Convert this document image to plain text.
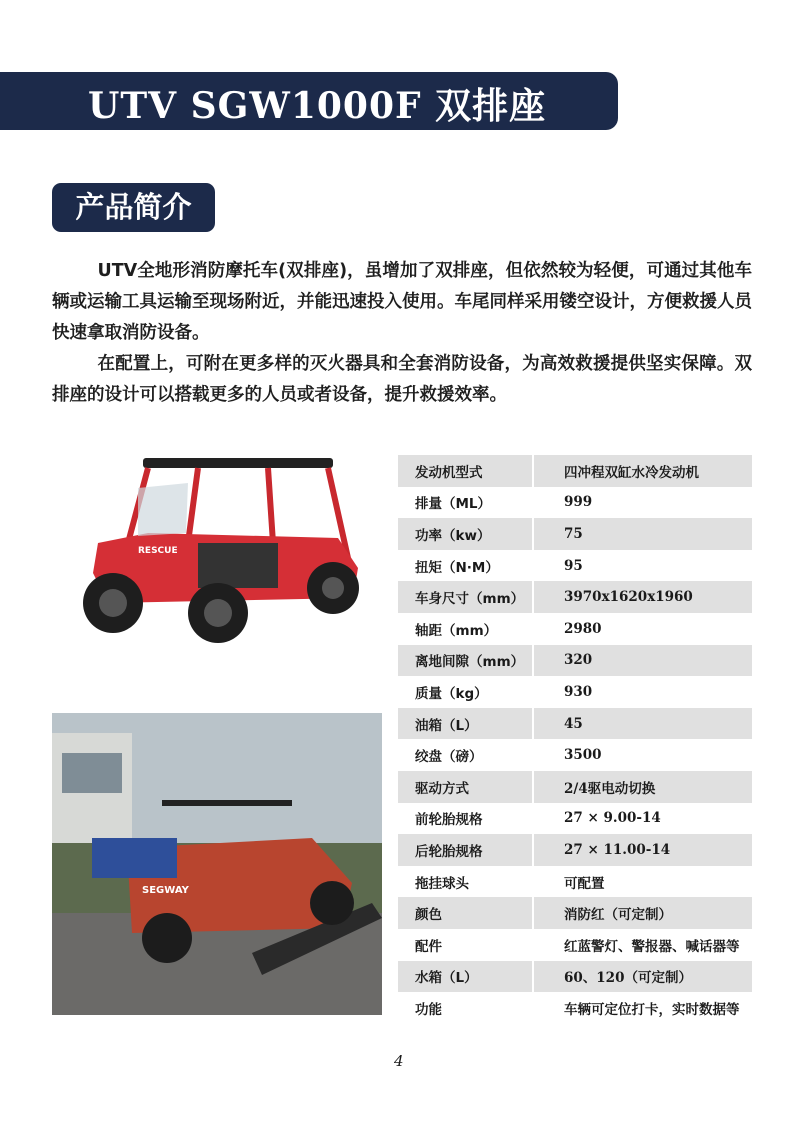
UTV SGW1000F 双排座
产品简介

UTV全地形消防摩托车(双排座)，虽增加了双排座，但依然较为轻便，可通过其他车辆或运输工具运输至现场附近，并能迅速投入使用。车尾同样采用镂空设计，方便救援人员快速拿取消防设备。

在配置上，可附在更多样的灭火器具和全套消防设备，为高效救援提供坚实保障。双排座的设计可以搭载更多的人员或者设备，提升救援效率。

RESCUE
SEGWAY
发动机型式	四冲程双缸水冷发动机
排量（ML）	999
功率（kw）	75
扭矩（N·M）	95
车身尺寸（mm）	3970x1620x1960
轴距（mm）	2980
离地间隙（mm）	320
质量（kg）	930
油箱（L）	45
绞盘（磅）	3500
驱动方式	2/4驱电动切换
前轮胎规格	27 × 9.00-14
后轮胎规格	27 × 11.00-14
拖挂球头	可配置
颜色	消防红（可定制）
配件	红蓝警灯、警报器、喊话器等
水箱（L）	60、120（可定制）
功能	车辆可定位打卡，实时数据等
4
